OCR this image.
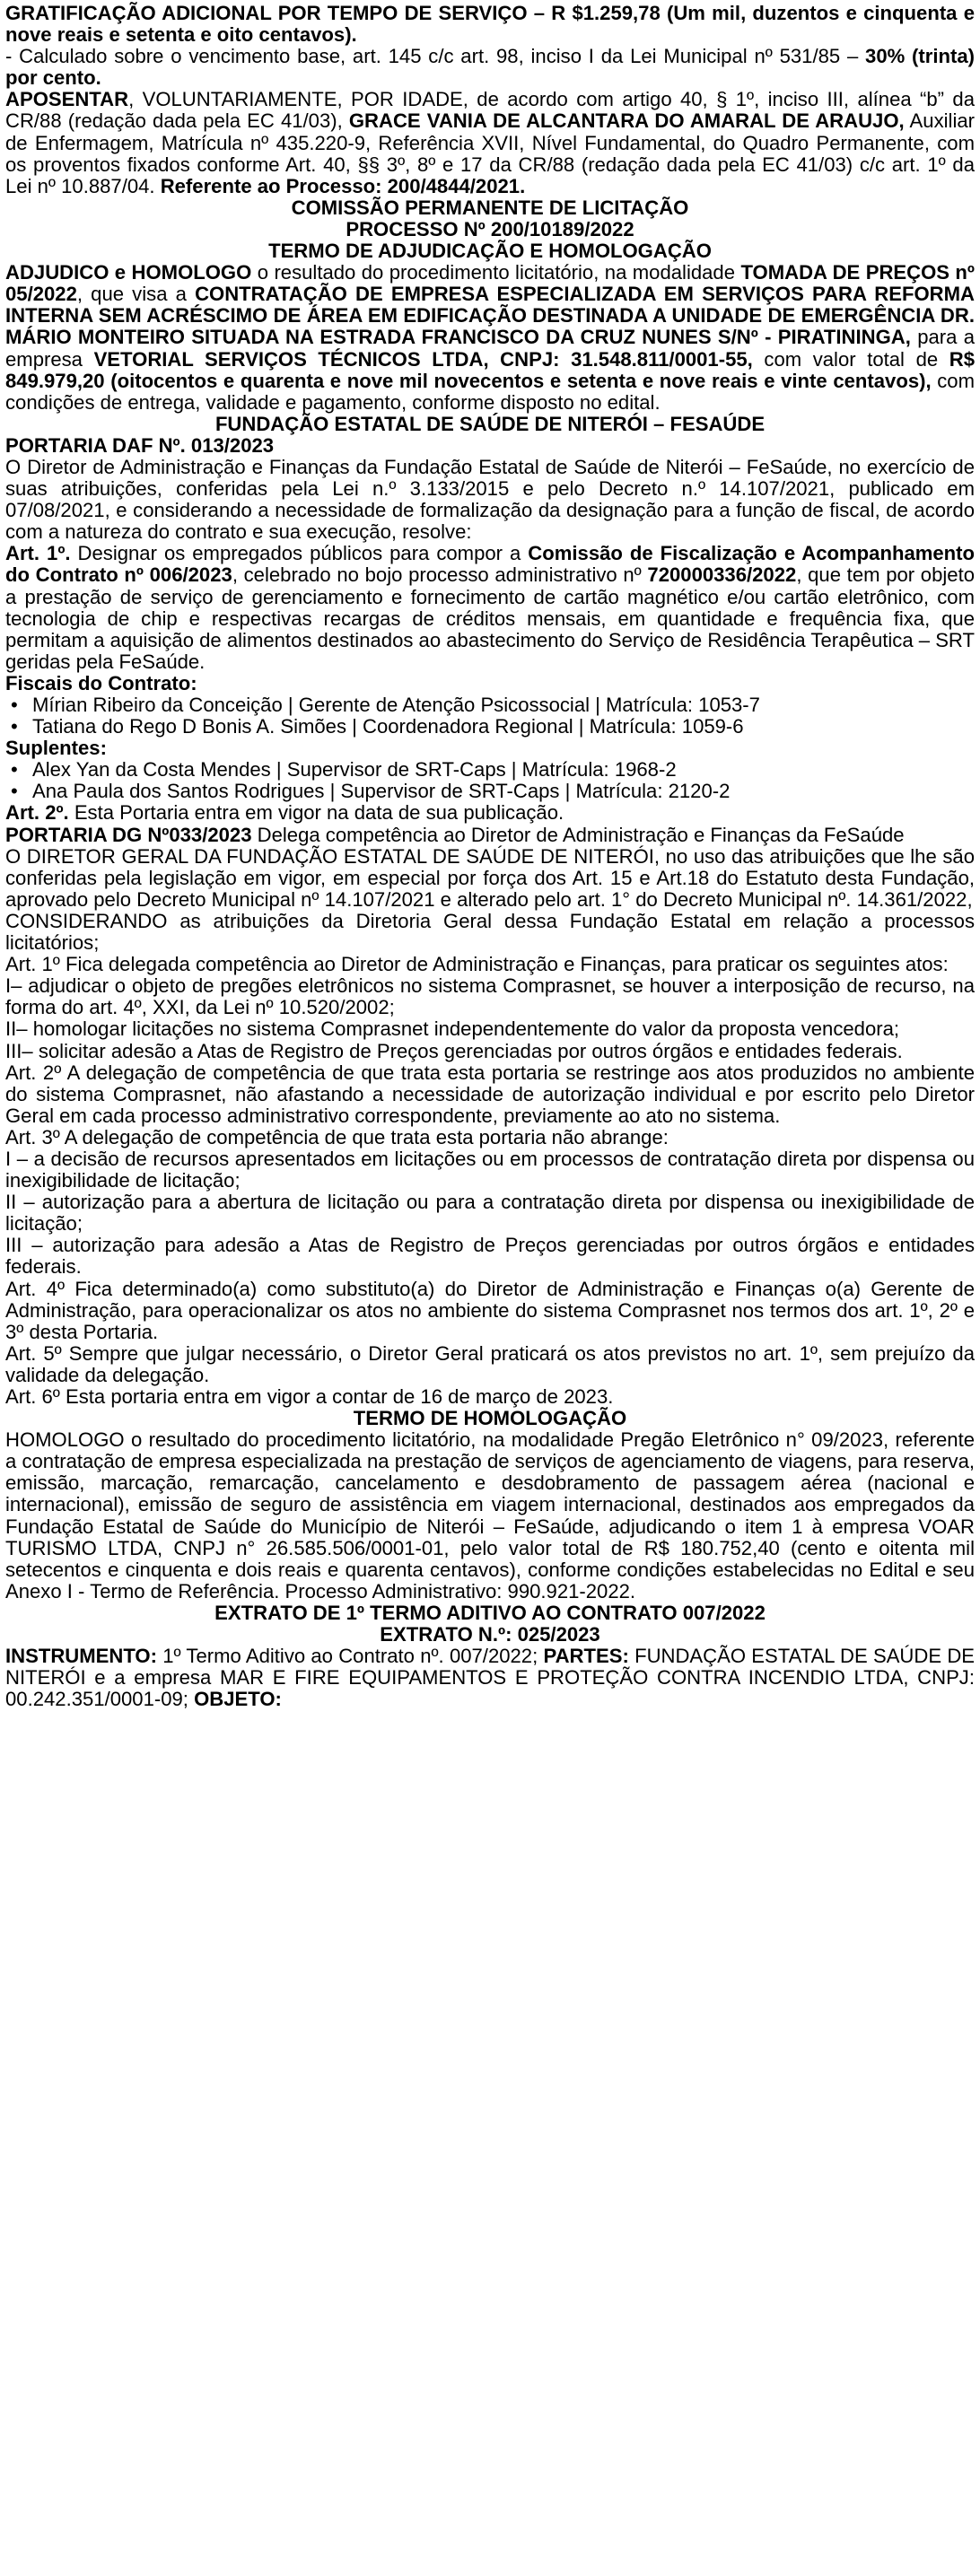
GRATIFICAÇÃO ADICIONAL POR TEMPO DE SERVIÇO – R $1.259,78 (Um mil, duzentos e cinquenta e nove reais e setenta e oito centavos).

- Calculado sobre o vencimento base, art. 145 c/c art. 98, inciso I da Lei Municipal nº 531/85 – 30% (trinta) por cento.

APOSENTAR, VOLUNTARIAMENTE, POR IDADE, de acordo com artigo 40, § 1º, inciso III, alínea “b” da CR/88 (redação dada pela EC 41/03), GRACE VANIA DE ALCANTARA DO AMARAL DE ARAUJO, Auxiliar de Enfermagem, Matrícula nº 435.220-9, Referência XVII, Nível Fundamental, do Quadro Permanente, com os proventos fixados conforme Art. 40, §§ 3º, 8º e 17 da CR/88 (redação dada pela EC 41/03) c/c art. 1º da Lei nº 10.887/04. Referente ao Processo: 200/4844/2021.

COMISSÃO PERMANENTE DE LICITAÇÃO

PROCESSO Nº 200/10189/2022

TERMO DE ADJUDICAÇÃO E HOMOLOGAÇÃO

ADJUDICO e HOMOLOGO o resultado do procedimento licitatório, na modalidade TOMADA DE PREÇOS nº 05/2022, que visa a CONTRATAÇÃO DE EMPRESA ESPECIALIZADA EM SERVIÇOS PARA REFORMA INTERNA SEM ACRÉSCIMO DE ÁREA EM EDIFICAÇÃO DESTINADA A UNIDADE DE EMERGÊNCIA DR. MÁRIO MONTEIRO SITUADA NA ESTRADA FRANCISCO DA CRUZ NUNES S/Nº - PIRATININGA, para a empresa VETORIAL SERVIÇOS TÉCNICOS LTDA, CNPJ: 31.548.811/0001-55, com valor total de R$ 849.979,20 (oitocentos e quarenta e nove mil novecentos e setenta e nove reais e vinte centavos), com condições de entrega, validade e pagamento, conforme disposto no edital.

FUNDAÇÃO ESTATAL DE SAÚDE DE NITERÓI – FESAÚDE

PORTARIA DAF Nº. 013/2023

O Diretor de Administração e Finanças da Fundação Estatal de Saúde de Niterói – FeSaúde, no exercício de suas atribuições, conferidas pela Lei n.º 3.133/2015 e pelo Decreto n.º 14.107/2021, publicado em 07/08/2021, e considerando a necessidade de formalização da designação para a função de fiscal, de acordo com a natureza do contrato e sua execução, resolve:

Art. 1º. Designar os empregados públicos para compor a Comissão de Fiscalização e Acompanhamento do Contrato nº 006/2023, celebrado no bojo processo administrativo nº 720000336/2022, que tem por objeto a prestação de serviço de gerenciamento e fornecimento de cartão magnético e/ou cartão eletrônico, com tecnologia de chip e respectivas recargas de créditos mensais, em quantidade e frequência fixa, que permitam a aquisição de alimentos destinados ao abastecimento do Serviço de Residência Terapêutica – SRT geridas pela FeSaúde.

Fiscais do Contrato:

• Mírian Ribeiro da Conceição | Gerente de Atenção Psicossocial | Matrícula: 1053-7
• Tatiana do Rego D Bonis A. Simões | Coordenadora Regional | Matrícula: 1059-6

Suplentes:

• Alex Yan da Costa Mendes | Supervisor de SRT-Caps | Matrícula: 1968-2
• Ana Paula dos Santos Rodrigues | Supervisor de SRT-Caps | Matrícula: 2120-2

Art. 2º. Esta Portaria entra em vigor na data de sua publicação.

PORTARIA DG Nº033/2023 Delega competência ao Diretor de Administração e Finanças da FeSaúde

O DIRETOR GERAL DA FUNDAÇÃO ESTATAL DE SAÚDE DE NITERÓI, no uso das atribuições que lhe são conferidas pela legislação em vigor, em especial por força dos Art. 15 e Art.18 do Estatuto desta Fundação, aprovado pelo Decreto Municipal nº 14.107/2021 e alterado pelo art. 1° do Decreto Municipal nº. 14.361/2022,

CONSIDERANDO as atribuições da Diretoria Geral dessa Fundação Estatal em relação a processos licitatórios;

Art. 1º Fica delegada competência ao Diretor de Administração e Finanças, para praticar os seguintes atos:

I– adjudicar o objeto de pregões eletrônicos no sistema Comprasnet, se houver a interposição de recurso, na forma do art. 4º, XXI, da Lei nº 10.520/2002;

II– homologar licitações no sistema Comprasnet independentemente do valor da proposta vencedora;

III– solicitar adesão a Atas de Registro de Preços gerenciadas por outros órgãos e entidades federais.

Art. 2º A delegação de competência de que trata esta portaria se restringe aos atos produzidos no ambiente do sistema Comprasnet, não afastando a necessidade de autorização individual e por escrito pelo Diretor Geral em cada processo administrativo correspondente, previamente ao ato no sistema.

Art. 3º A delegação de competência de que trata esta portaria não abrange:

I – a decisão de recursos apresentados em licitações ou em processos de contratação direta por dispensa ou inexigibilidade de licitação;

II – autorização para a abertura de licitação ou para a contratação direta por dispensa ou inexigibilidade de licitação;

III – autorização para adesão a Atas de Registro de Preços gerenciadas por outros órgãos e entidades federais.

Art. 4º Fica determinado(a) como substituto(a) do Diretor de Administração e Finanças o(a) Gerente de Administração, para operacionalizar os atos no ambiente do sistema Comprasnet nos termos dos art. 1º, 2º e 3º desta Portaria.

Art. 5º Sempre que julgar necessário, o Diretor Geral praticará os atos previstos no art. 1º, sem prejuízo da validade da delegação.

Art. 6º Esta portaria entra em vigor a contar de 16 de março de 2023.

TERMO DE HOMOLOGAÇÃO

HOMOLOGO o resultado do procedimento licitatório, na modalidade Pregão Eletrônico n° 09/2023, referente a contratação de empresa especializada na prestação de serviços de agenciamento de viagens, para reserva, emissão, marcação, remarcação, cancelamento e desdobramento de passagem aérea (nacional e internacional), emissão de seguro de assistência em viagem internacional, destinados aos empregados da Fundação Estatal de Saúde do Município de Niterói – FeSaúde, adjudicando o item 1 à empresa VOAR TURISMO LTDA, CNPJ n° 26.585.506/0001-01, pelo valor total de R$ 180.752,40 (cento e oitenta mil setecentos e cinquenta e dois reais e quarenta centavos), conforme condições estabelecidas no Edital e seu Anexo I - Termo de Referência. Processo Administrativo: 990.921-2022.

EXTRATO DE 1º TERMO ADITIVO AO CONTRATO 007/2022

EXTRATO N.º: 025/2023

INSTRUMENTO: 1º Termo Aditivo ao Contrato nº. 007/2022; PARTES: FUNDAÇÃO ESTATAL DE SAÚDE DE NITERÓI e a empresa MAR E FIRE EQUIPAMENTOS E PROTEÇÃO CONTRA INCENDIO LTDA, CNPJ: 00.242.351/0001-09; OBJETO:
